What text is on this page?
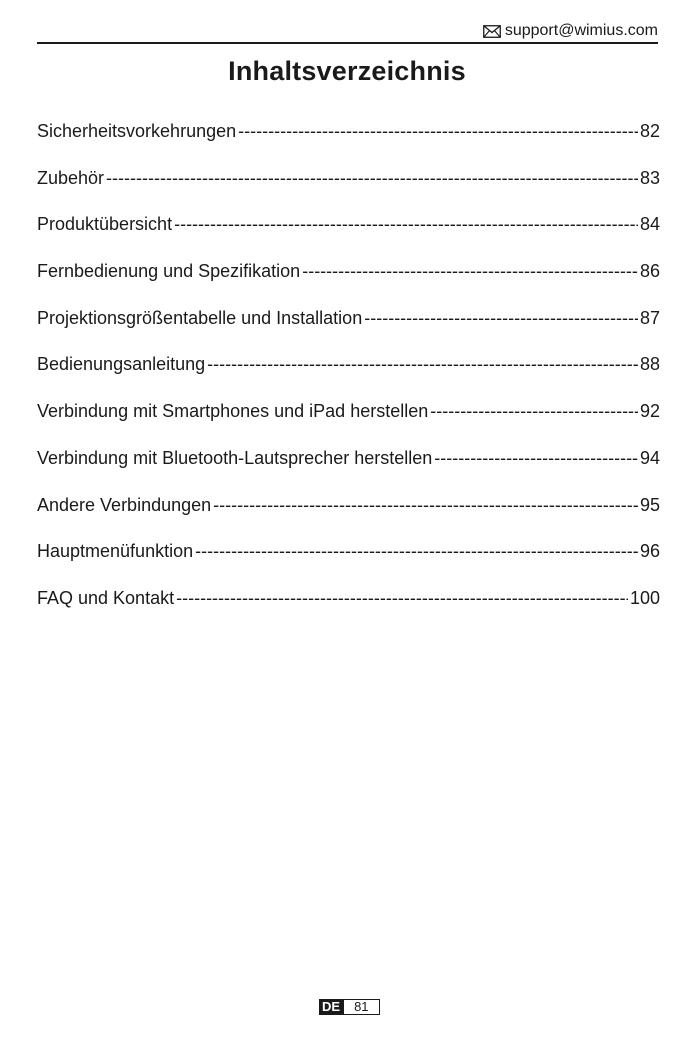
support@wimius.com
Inhaltsverzeichnis
Sicherheitsvorkehrungen -----	82
Zubehör -----	83
Produktübersicht -----	84
Fernbedienung und Spezifikation -----	86
Projektionsgrößentabelle und Installation -----	87
Bedienungsanleitung -----	88
Verbindung mit Smartphones und iPad herstellen -----	92
Verbindung mit Bluetooth-Lautsprecher herstellen -----	94
Andere Verbindungen -----	95
Hauptmenüfunktion -----	96
FAQ und Kontakt -----	100
DE	81
